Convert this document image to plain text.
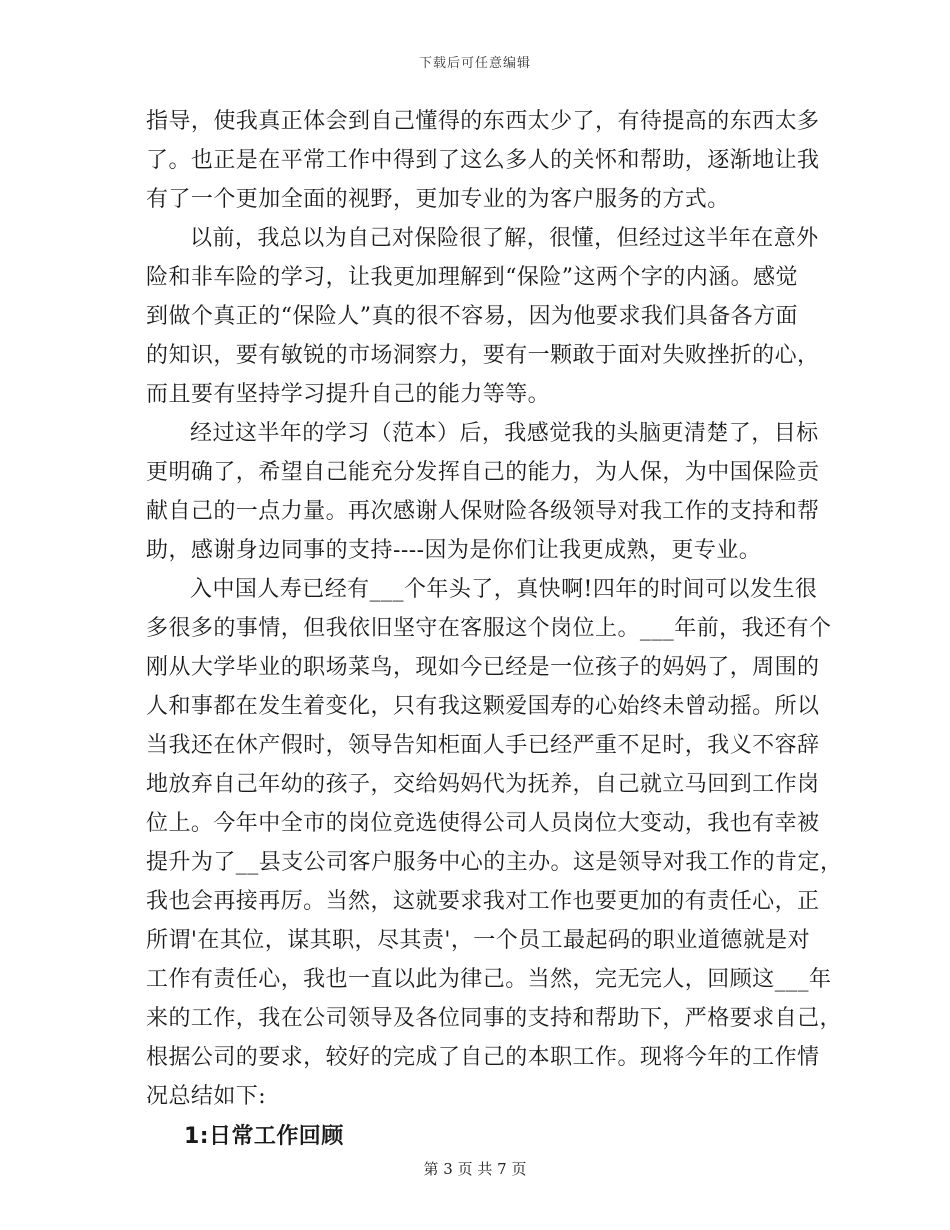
下载后可任意编辑
指导，使我真正体会到自己懂得的东西太少了，有待提高的东西太多
了。也正是在平常工作中得到了这么多人的关怀和帮助，逐渐地让我
有了一个更加全面的视野，更加专业的为客户服务的方式。
以前，我总以为自己对保险很了解，很懂，但经过这半年在意外
险和非车险的学习，让我更加理解到“保险”这两个字的内涵。感觉
到做个真正的“保险人”真的很不容易，因为他要求我们具备各方面
的知识，要有敏锐的市场洞察力，要有一颗敢于面对失败挫折的心，
而且要有坚持学习提升自己的能力等等。
经过这半年的学习（范本）后，我感觉我的头脑更清楚了，目标
更明确了，希望自己能充分发挥自己的能力，为人保，为中国保险贡
献自己的一点力量。再次感谢人保财险各级领导对我工作的支持和帮
助，感谢身边同事的支持----因为是你们让我更成熟，更专业。
入中国人寿已经有___个年头了，真快啊!四年的时间可以发生很
多很多的事情，但我依旧坚守在客服这个岗位上。___年前，我还有个
刚从大学毕业的职场菜鸟，现如今已经是一位孩子的妈妈了，周围的
人和事都在发生着变化，只有我这颗爱国寿的心始终未曾动摇。所以
当我还在休产假时，领导告知柜面人手已经严重不足时，我义不容辞
地放弃自己年幼的孩子，交给妈妈代为抚养，自己就立马回到工作岗
位上。今年中全市的岗位竞选使得公司人员岗位大变动，我也有幸被
提升为了__县支公司客户服务中心的主办。这是领导对我工作的肯定，
我也会再接再厉。当然，这就要求我对工作也要更加的有责任心，正
所谓'在其位，谋其职，尽其责'，一个员工最起码的职业道德就是对
工作有责任心，我也一直以此为律己。当然，完无完人，回顾这___年
来的工作，我在公司领导及各位同事的支持和帮助下，严格要求自己，
根据公司的要求，较好的完成了自己的本职工作。现将今年的工作情
况总结如下:
1:日常工作回顾
第 3 页 共 7 页
